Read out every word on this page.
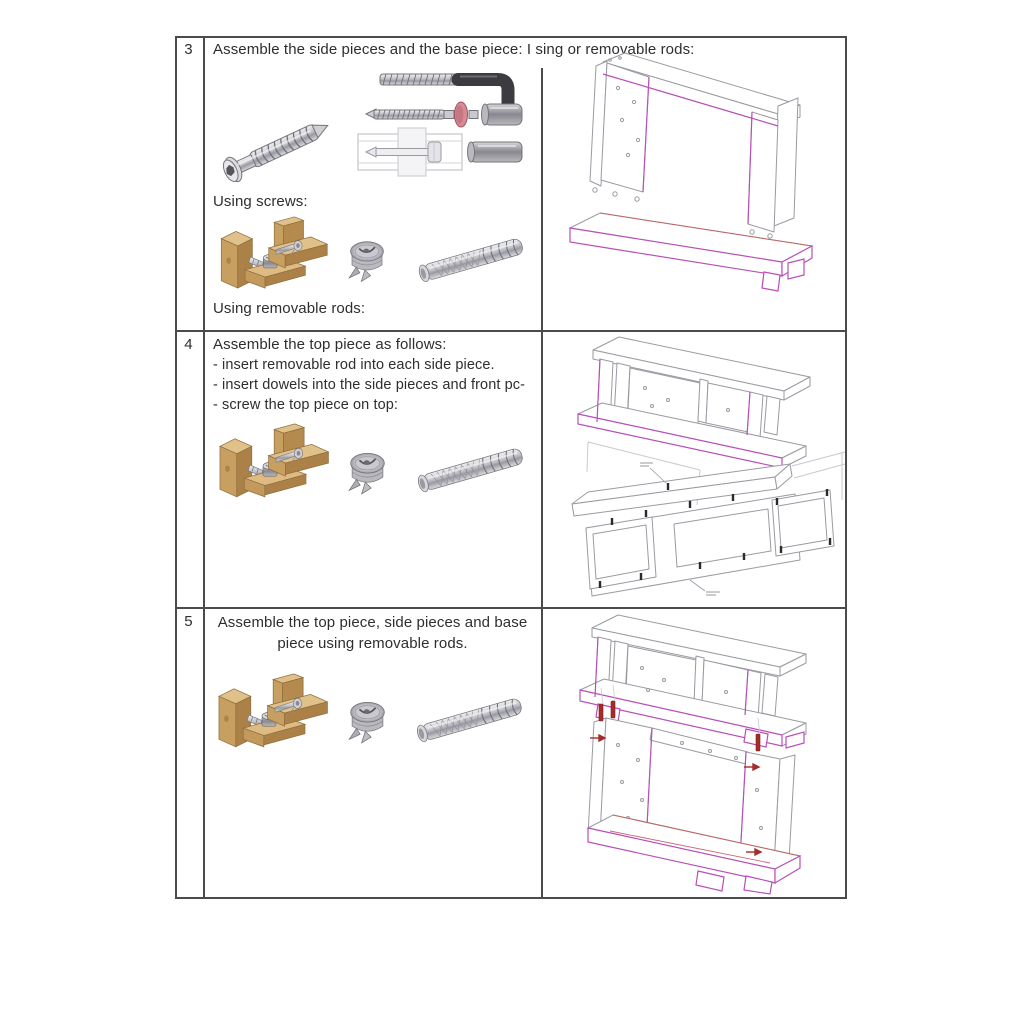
3	Assemble the side pieces and the base piece: I sing or removable rods:
Using screws:
Using removable rods:
4	Assemble the top piece as follows:
- insert removable rod into each side piece.
- insert dowels into the side pieces and front pc-
- screw the top piece on top:
5	Assemble the top piece, side pieces and base
piece using removable rods.
